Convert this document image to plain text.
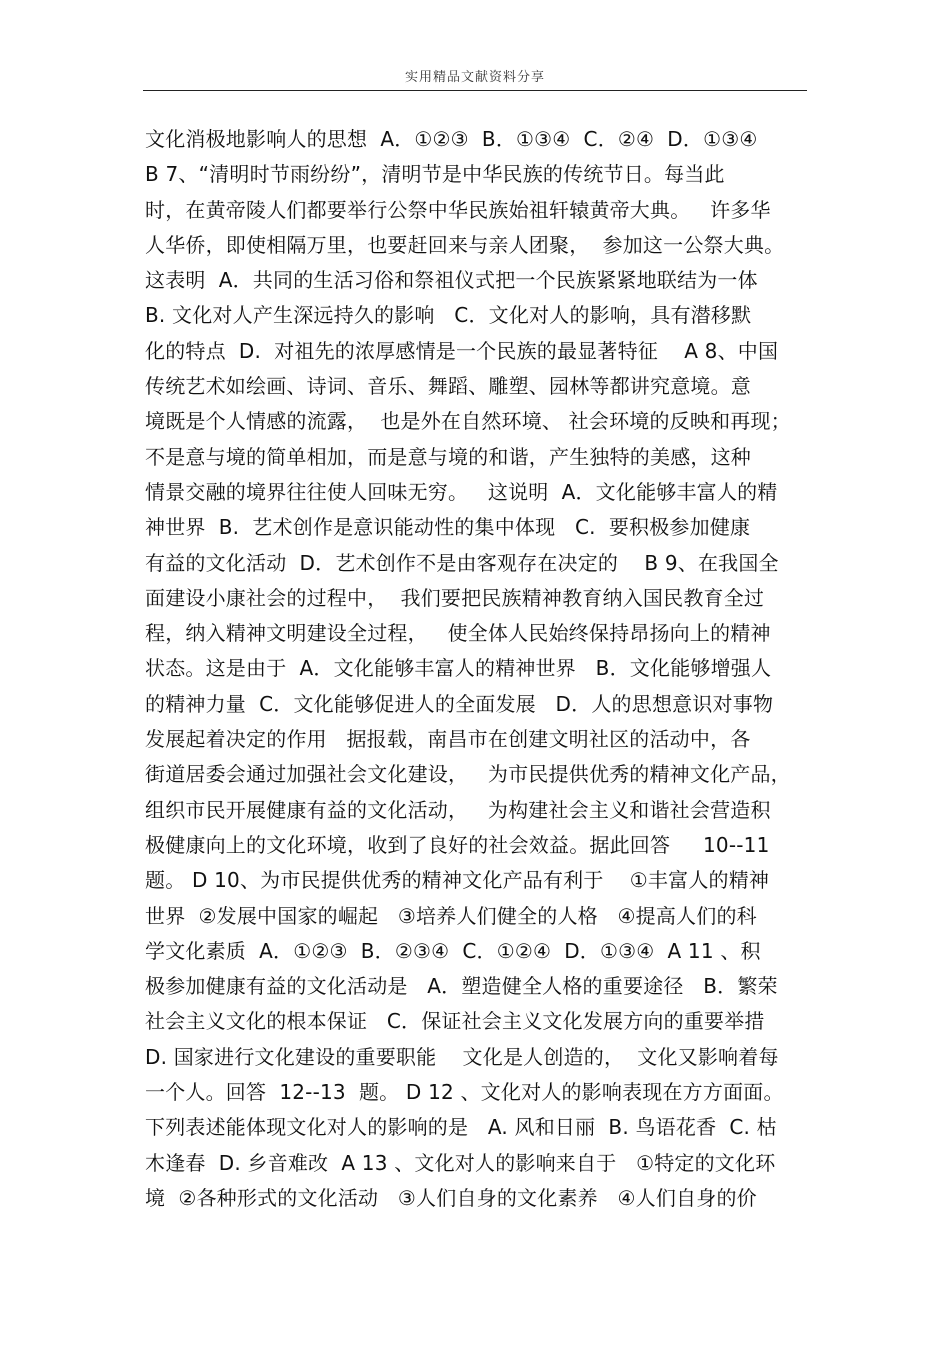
实用精品文献资料分享
文化消极地影响人的思想  A．①②③  B．①③④  C．②④  D．①③④
B 7、“清明时节雨纷纷”，清明节是中华民族的传统节日。每当此
时，在黄帝陵人们都要举行公祭中华民族始祖轩辕黄帝大典。   许多华
人华侨，即使相隔万里，也要赶回来与亲人团聚，  参加这一公祭大典。
这表明  A．共同的生活习俗和祭祖仪式把一个民族紧紧地联结为一体
B. 文化对人产生深远持久的影响   C．文化对人的影响，具有潜移默
化的特点  D.  对祖先的浓厚感情是一个民族的最显著特征    A 8、中国
传统艺术如绘画、诗词、音乐、舞蹈、雕塑、园林等都讲究意境。意
境既是个人情感的流露，  也是外在自然环境、 社会环境的反映和再现；
不是意与境的简单相加，而是意与境的和谐，产生独特的美感，这种
情景交融的境界往往使人回味无穷。   这说明  A．文化能够丰富人的精
神世界  B.  艺术创作是意识能动性的集中体现   C.  要积极参加健康
有益的文化活动  D．艺术创作不是由客观存在决定的    B 9、在我国全
面建设小康社会的过程中，  我们要把民族精神教育纳入国民教育全过
程，纳入精神文明建设全过程，   使全体人民始终保持昂扬向上的精神
状态。这是由于  A．文化能够丰富人的精神世界   B．文化能够增强人
的精神力量  C．文化能够促进人的全面发展   D．人的思想意识对事物
发展起着决定的作用   据报载，南昌市在创建文明社区的活动中，各
街道居委会通过加强社会文化建设，   为市民提供优秀的精神文化产品，
组织市民开展健康有益的文化活动，   为构建社会主义和谐社会营造积
极健康向上的文化环境，收到了良好的社会效益。据此回答     10--11
题。 D 10、为市民提供优秀的精神文化产品有利于    ①丰富人的精神
世界  ②发展中国家的崛起   ③培养人们健全的人格   ④提高人们的科
学文化素质  A．①②③  B．②③④  C．①②④  D．①③④  A 11 、积
极参加健康有益的文化活动是   A．塑造健全人格的重要途径   B．繁荣
社会主义文化的根本保证   C．保证社会主义文化发展方向的重要举措
D. 国家进行文化建设的重要职能    文化是人创造的，  文化又影响着每
一个人。回答  12--13  题。 D 12 、文化对人的影响表现在方方面面。
下列表述能体现文化对人的影响的是   A. 风和日丽  B. 鸟语花香  C. 枯
木逢春  D. 乡音难改  A 13 、文化对人的影响来自于   ①特定的文化环
境  ②各种形式的文化活动   ③人们自身的文化素养   ④人们自身的价
